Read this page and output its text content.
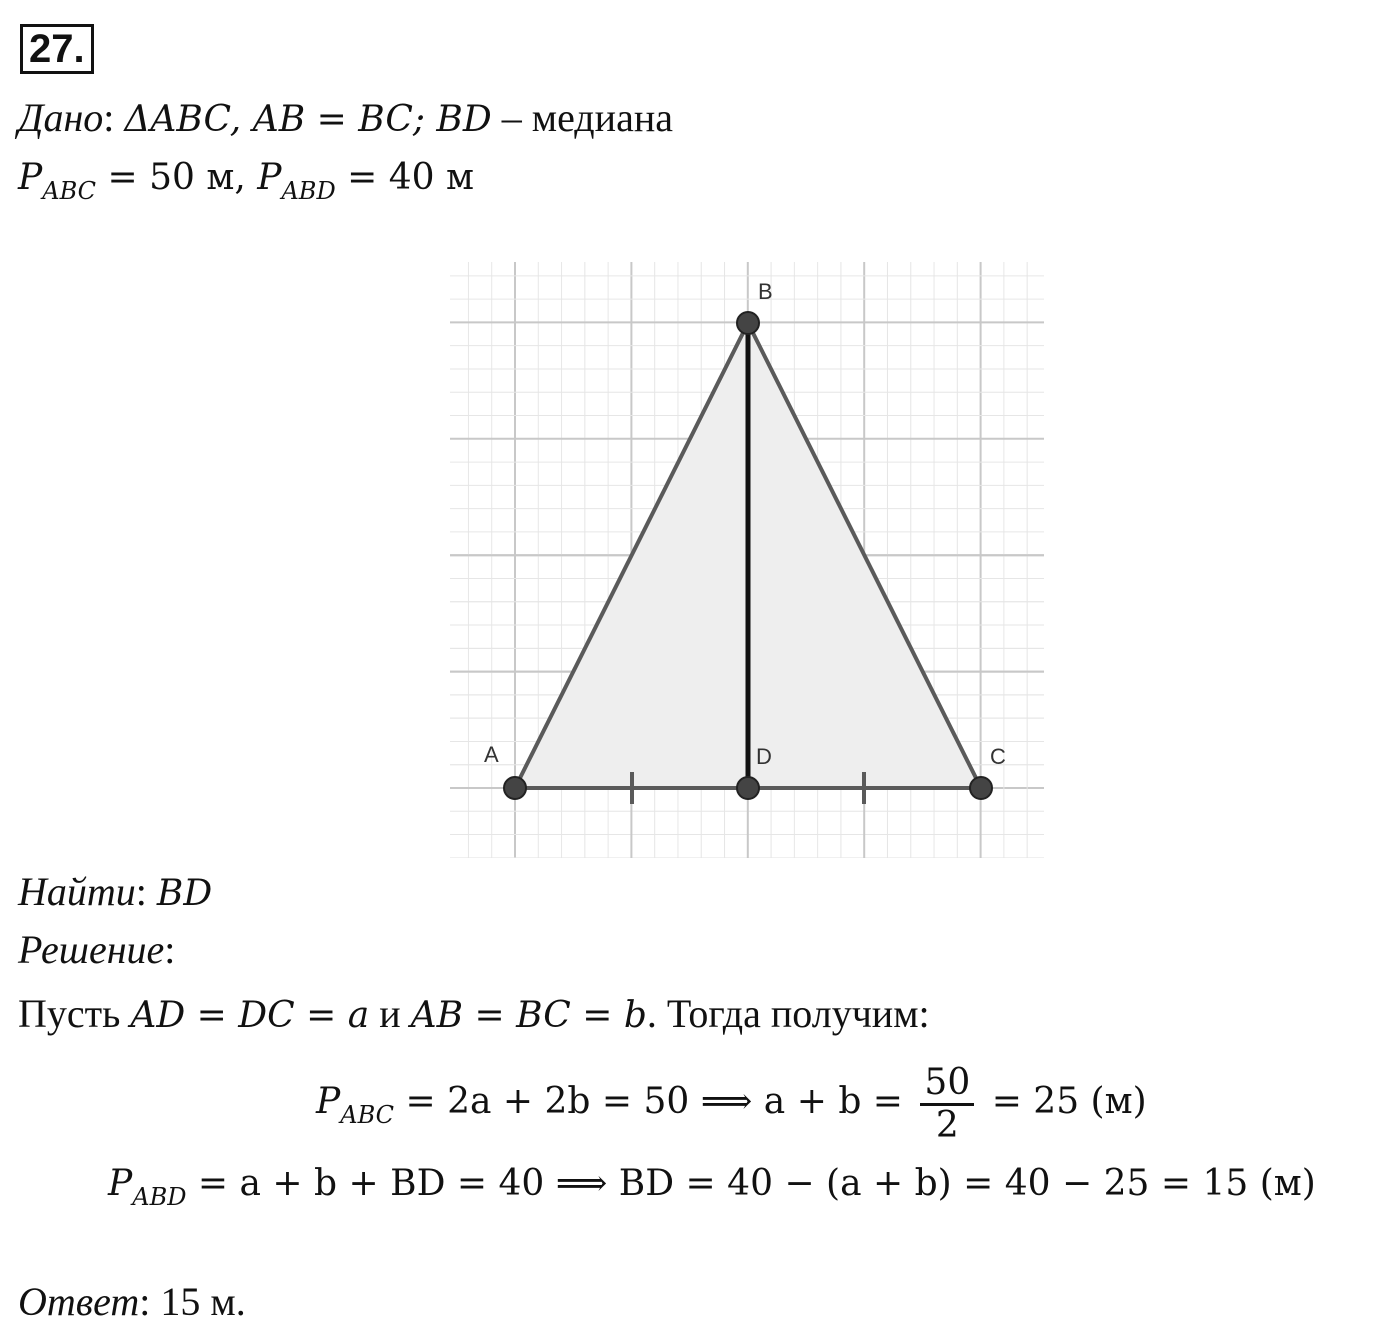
27.
Дано: ΔABC, AB = BC; BD – медиана
$P_{ABC} = 50$ м, $P_{ABD} = 40$ м
A
B
C
D
Найти: BD
Решение:
Пусть AD = DC = a и AB = BC = b. Тогда получим:
$P_{ABC} = 2a + 2b = 50$ ⟹ $a + b = \frac{50}{2} = 25$ (м)
$P_{ABD} = a + b$ + BD = 40 ⟹ BD = 40 − (a + b) = 40 − 25 = 15 (м)
Ответ: 15 м.
